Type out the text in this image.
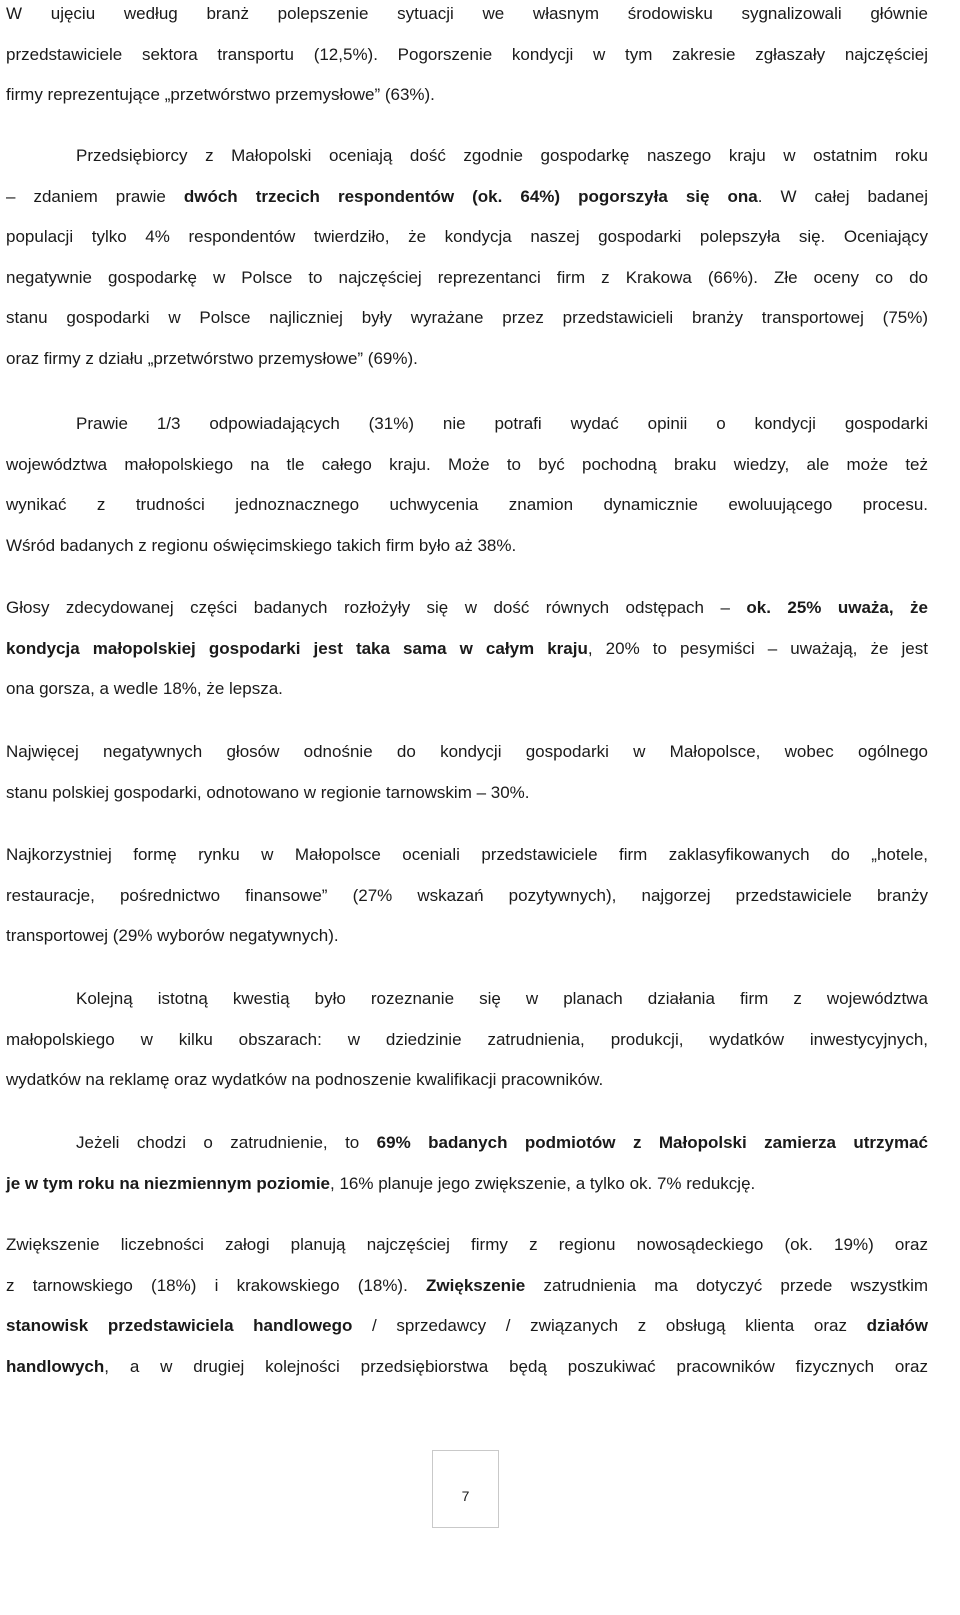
W ujęciu według branż polepszenie sytuacji we własnym środowisku sygnalizowali głównie
przedstawiciele sektora transportu (12,5%). Pogorszenie kondycji w tym zakresie zgłaszały najczęściej
firmy reprezentujące „przetwórstwo przemysłowe” (63%).
Przedsiębiorcy z Małopolski oceniają dość zgodnie gospodarkę naszego kraju w ostatnim roku
– zdaniem prawie dwóch trzecich respondentów (ok. 64%) pogorszyła się ona. W całej badanej
populacji tylko 4% respondentów twierdziło, że kondycja naszej gospodarki polepszyła się. Oceniający
negatywnie gospodarkę w Polsce to najczęściej reprezentanci firm z Krakowa (66%). Złe oceny co do
stanu gospodarki w Polsce najliczniej były wyrażane przez przedstawicieli branży transportowej (75%)
oraz firmy z działu „przetwórstwo przemysłowe” (69%).
Prawie 1/3 odpowiadających (31%) nie potrafi wydać opinii o kondycji gospodarki
województwa małopolskiego na tle całego kraju. Może to być pochodną braku wiedzy, ale może też
wynikać z trudności jednoznacznego uchwycenia znamion dynamicznie ewoluującego procesu.
Wśród badanych z regionu oświęcimskiego takich firm było aż 38%.
Głosy zdecydowanej części badanych rozłożyły się w dość równych odstępach – ok. 25% uważa, że
kondycja małopolskiej gospodarki jest taka sama w całym kraju, 20% to pesymiści – uważają, że jest
ona gorsza, a wedle 18%, że lepsza.
Najwięcej negatywnych głosów odnośnie do kondycji gospodarki w Małopolsce, wobec ogólnego
stanu polskiej gospodarki, odnotowano w regionie tarnowskim – 30%.
Najkorzystniej formę rynku w Małopolsce oceniali przedstawiciele firm zaklasyfikowanych do „hotele,
restauracje, pośrednictwo finansowe” (27% wskazań pozytywnych), najgorzej przedstawiciele branży
transportowej (29% wyborów negatywnych).
Kolejną istotną kwestią było rozeznanie się w planach działania firm z województwa
małopolskiego w kilku obszarach: w dziedzinie zatrudnienia, produkcji, wydatków inwestycyjnych,
wydatków na reklamę oraz wydatków na podnoszenie kwalifikacji pracowników.
Jeżeli chodzi o zatrudnienie, to 69% badanych podmiotów z Małopolski zamierza utrzymać
je w tym roku na niezmiennym poziomie, 16% planuje jego zwiększenie, a tylko ok. 7% redukcję.
Zwiększenie liczebności załogi planują najczęściej firmy z regionu nowosądeckiego (ok. 19%) oraz
z tarnowskiego (18%) i krakowskiego (18%). Zwiększenie zatrudnienia ma dotyczyć przede wszystkim
stanowisk przedstawiciela handlowego / sprzedawcy / związanych z obsługą klienta oraz działów
handlowych, a w drugiej kolejności przedsiębiorstwa będą poszukiwać pracowników fizycznych oraz
7
